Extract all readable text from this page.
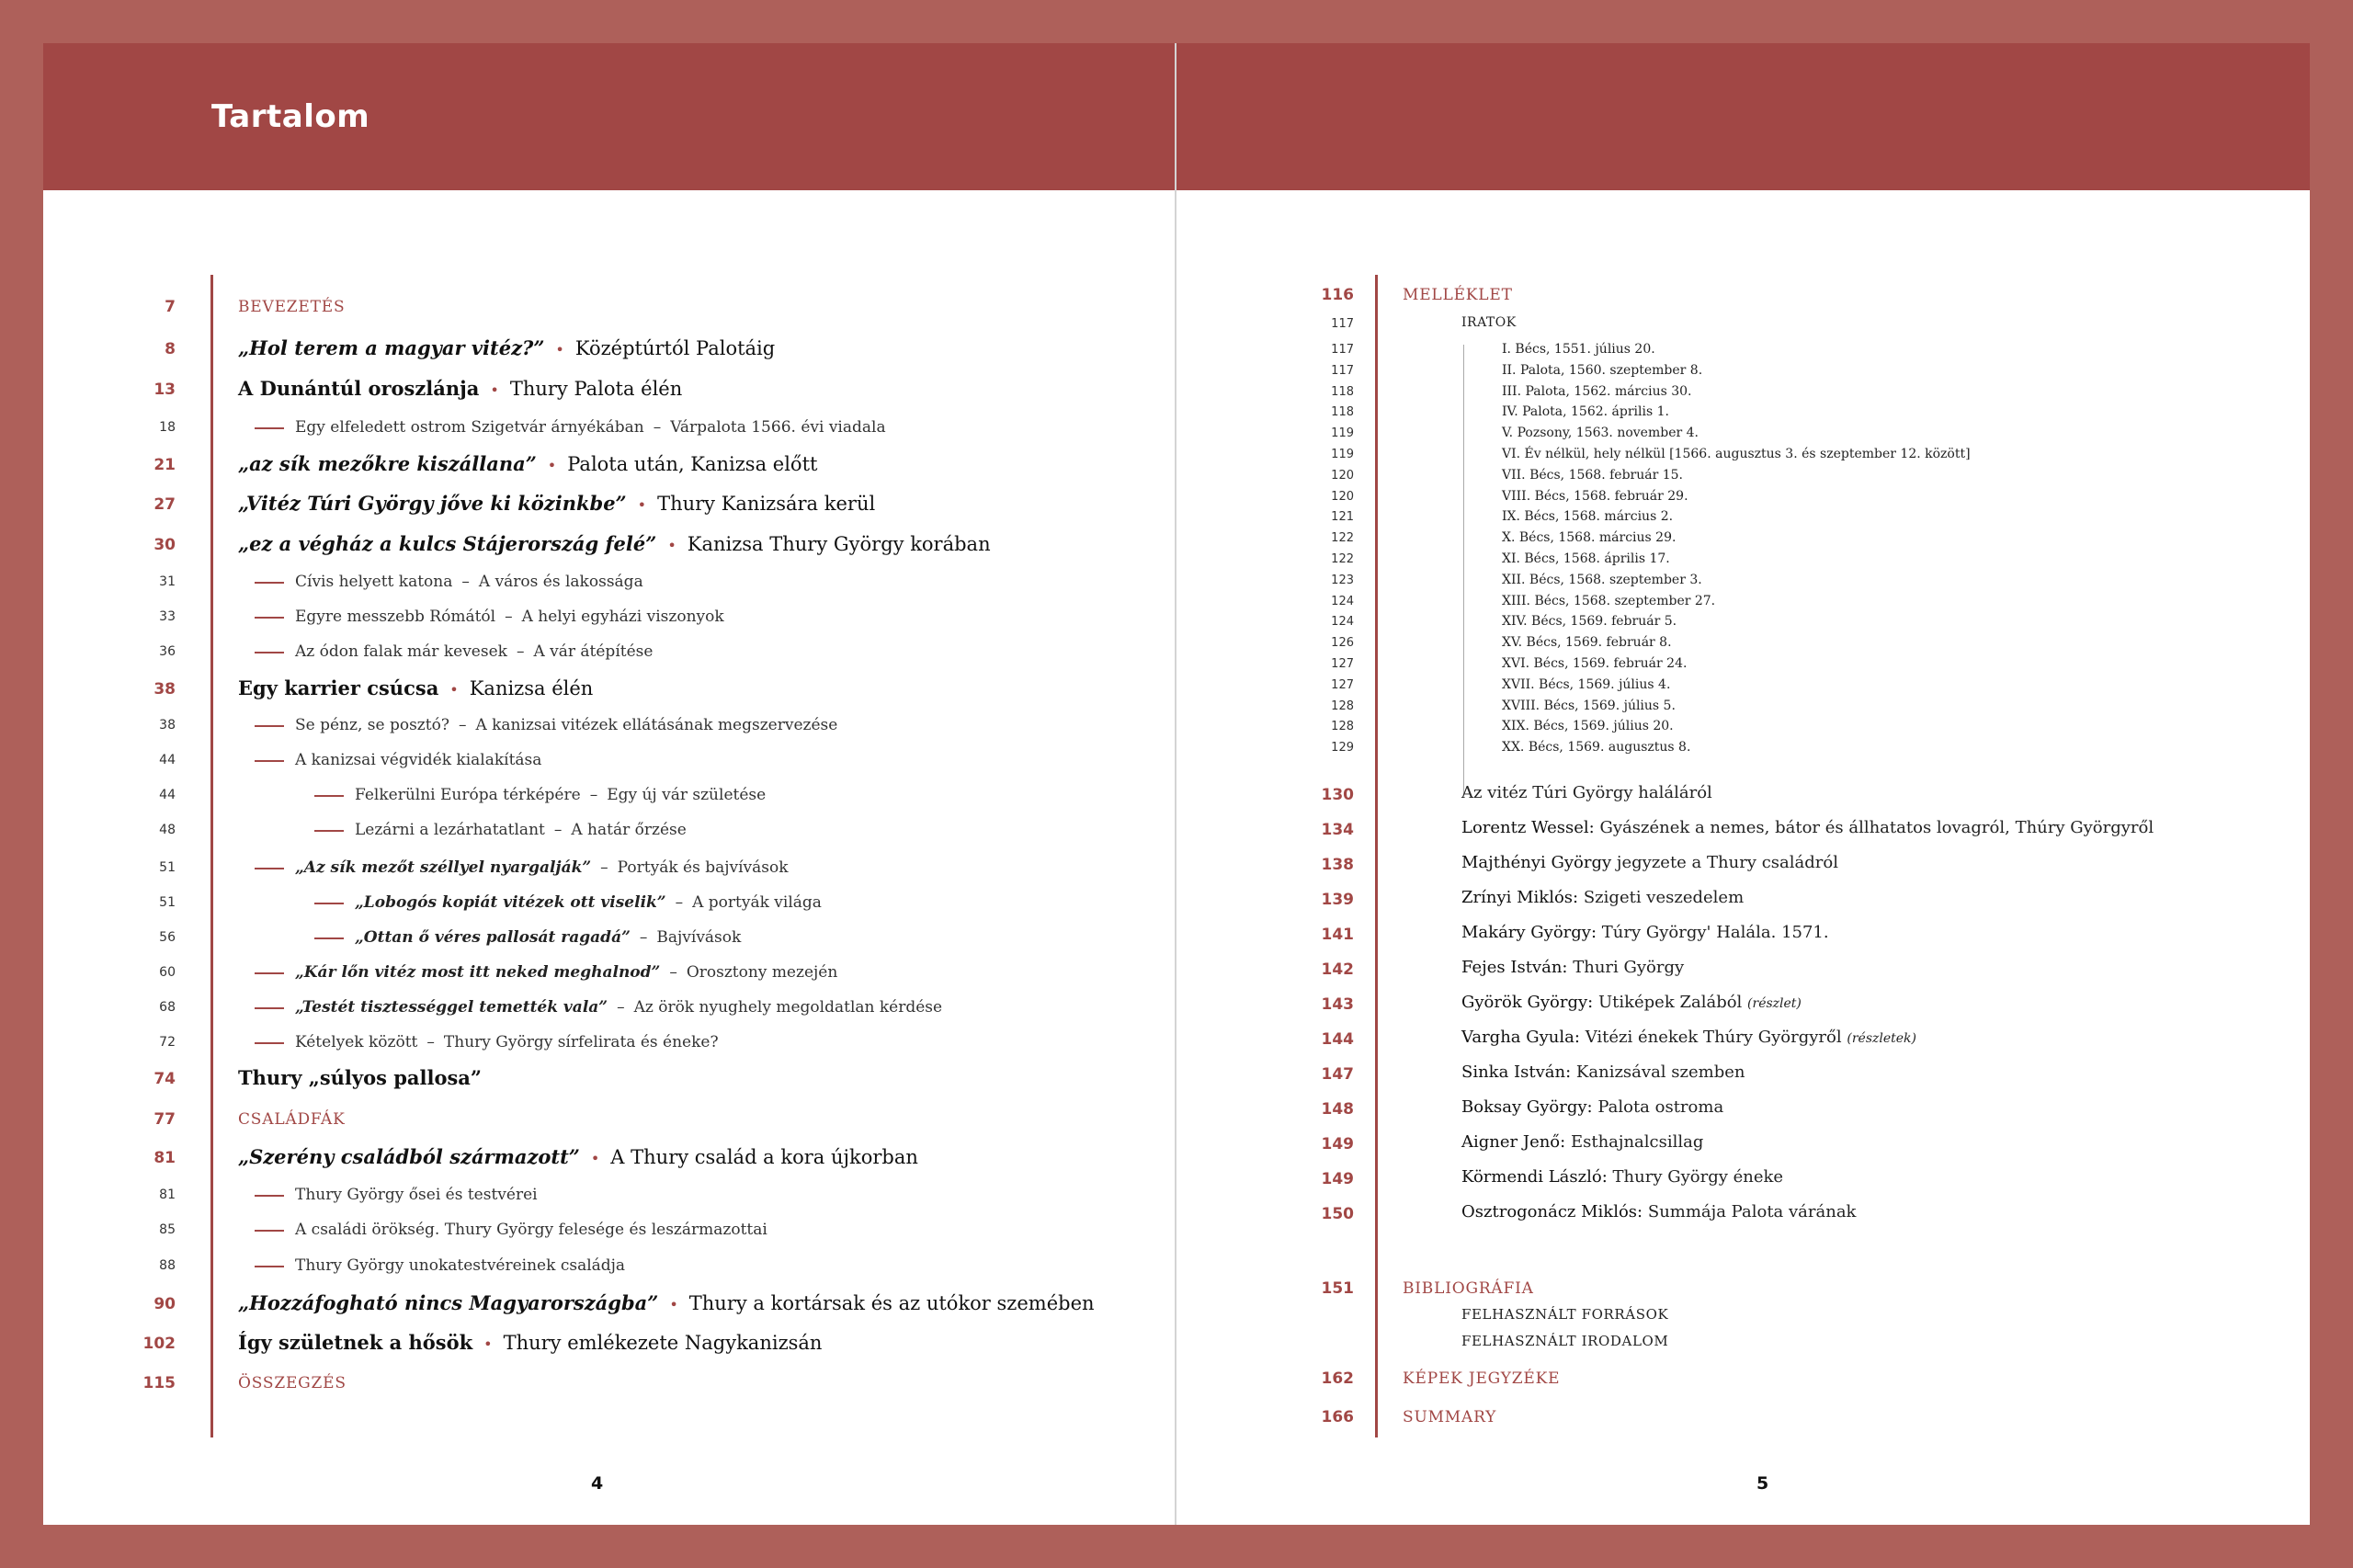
Tartalom
7	BEVEZETÉS
8	„Hol terem a magyar vitéz?” • Középtúrtól Palotáig
13	A Dunántúl oroszlánja • Thury Palota élén
18	Egy elfeledett ostrom Szigetvár árnyékában – Várpalota 1566. évi viadala
21	„az sík mezőkre kiszállana” • Palota után, Kanizsa előtt
27	„Vitéz Túri György jőve ki közinkbe” • Thury Kanizsára kerül
30	„ez a végház a kulcs Stájerország felé” • Kanizsa Thury György korában
31	Cívis helyett katona – A város és lakossága
33	Egyre messzebb Rómától – A helyi egyházi viszonyok
36	Az ódon falak már kevesek – A vár átépítése
38	Egy karrier csúcsa • Kanizsa élén
38	Se pénz, se posztó? – A kanizsai vitézek ellátásának megszervezése
44	A kanizsai végvidék kialakítása
44	Felkerülni Európa térképére – Egy új vár születése
48	Lezárni a lezárhatatlant – A határ őrzése
51	„Az sík mezőt széllyel nyargalják” – Portyák és bajvívások
51	„Lobogós kopiát vitézek ott viselik” – A portyák világa
56	„Ottan ő véres pallosát ragadá” – Bajvívások
60	„Kár lőn vitéz most itt neked meghalnod” – Orosztony mezején
68	„Testét tisztességgel temették vala” – Az örök nyughely megoldatlan kérdése
72	Kételyek között – Thury György sírfelirata és éneke?
74	Thury „súlyos pallosa”
77	CSALÁDFÁK
81	„Szerény családból származott” • A Thury család a kora újkorban
81	Thury György ősei és testvérei
85	A családi örökség. Thury György felesége és leszármazottai
88	Thury György unokatestvéreinek családja
90	„Hozzáfogható nincs Magyarországba” • Thury a kortársak és az utókor szemében
102	Így születnek a hősök • Thury emlékezete Nagykanizsán
115	ÖSSZEGZÉS
116	MELLÉKLET
117	IRATOK
117	I. Bécs, 1551. július 20.
117	II. Palota, 1560. szeptember 8.
118	III. Palota, 1562. március 30.
118	IV. Palota, 1562. április 1.
119	V. Pozsony, 1563. november 4.
119	VI. Év nélkül, hely nélkül [1566. augusztus 3. és szeptember 12. között]
120	VII. Bécs, 1568. február 15.
120	VIII. Bécs, 1568. február 29.
121	IX. Bécs, 1568. március 2.
122	X. Bécs, 1568. március 29.
122	XI. Bécs, 1568. április 17.
123	XII. Bécs, 1568. szeptember 3.
124	XIII. Bécs, 1568. szeptember 27.
124	XIV. Bécs, 1569. február 5.
126	XV. Bécs, 1569. február 8.
127	XVI. Bécs, 1569. február 24.
127	XVII. Bécs, 1569. július 4.
128	XVIII. Bécs, 1569. július 5.
128	XIX. Bécs, 1569. július 20.
129	XX. Bécs, 1569. augusztus 8.
130	Az vitéz Túri György haláláról
134	Lorentz Wessel: Gyászének a nemes, bátor és állhatatos lovagról, Thúry Györgyről
138	Majthényi György jegyzete a Thury családról
139	Zrínyi Miklós: Szigeti veszedelem
141	Makáry György: Túry György' Halála. 1571.
142	Fejes István: Thuri György
143	Györök György: Utiképek Zalából (részlet)
144	Vargha Gyula: Vitézi énekek Thúry Györgyről (részletek)
147	Sinka István: Kanizsával szemben
148	Boksay György: Palota ostroma
149	Aigner Jenő: Esthajnalcsillag
149	Körmendi László: Thury György éneke
150	Osztrogonácz Miklós: Summája Palota várának
151	BIBLIOGRÁFIA
FELHASZNÁLT FORRÁSOK
FELHASZNÁLT IRODALOM
162	KÉPEK JEGYZÉKE
166	SUMMARY
4	5
